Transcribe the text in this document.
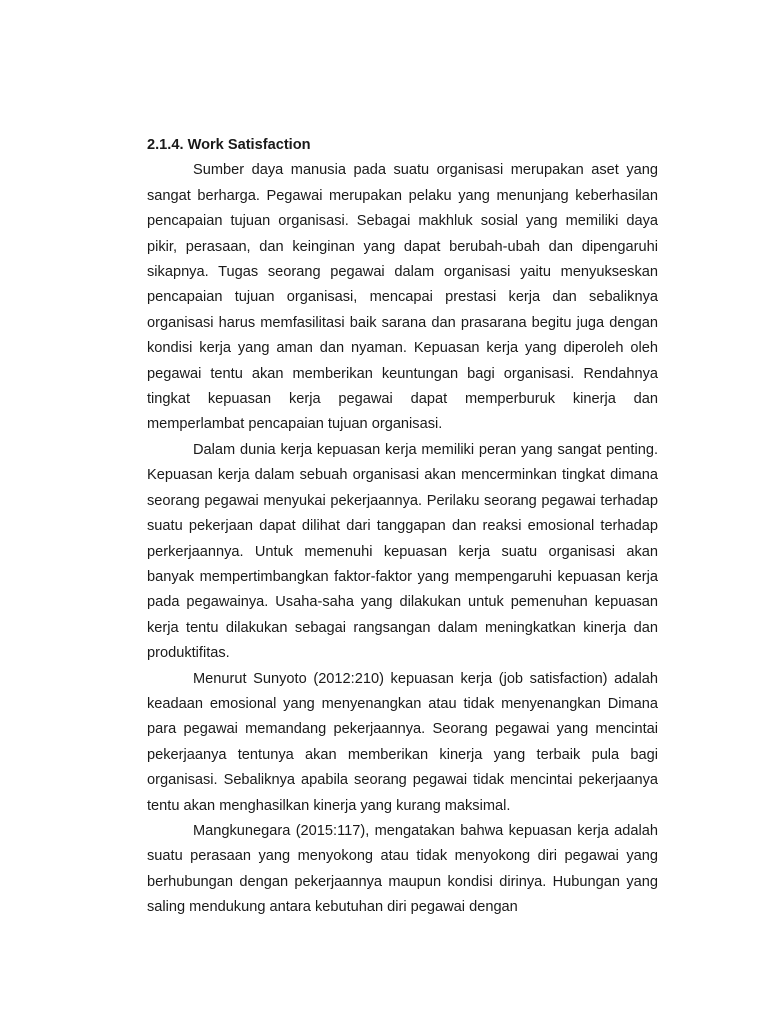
2.1.4. Work Satisfaction

Sumber daya manusia pada suatu organisasi merupakan aset yang sangat berharga. Pegawai merupakan pelaku yang menunjang keberhasilan pencapaian tujuan organisasi. Sebagai makhluk sosial yang memiliki daya pikir, perasaan, dan keinginan yang dapat berubah-ubah dan dipengaruhi sikapnya. Tugas seorang pegawai dalam organisasi yaitu menyukseskan pencapaian tujuan organisasi, mencapai prestasi kerja dan sebaliknya organisasi harus memfasilitasi baik sarana dan prasarana begitu juga dengan kondisi kerja yang aman dan nyaman. Kepuasan kerja yang diperoleh oleh pegawai tentu akan memberikan keuntungan bagi organisasi. Rendahnya tingkat kepuasan kerja pegawai dapat memperburuk kinerja dan memperlambat pencapaian tujuan organisasi.

Dalam dunia kerja kepuasan kerja memiliki peran yang sangat penting. Kepuasan kerja dalam sebuah organisasi akan mencerminkan tingkat dimana seorang pegawai menyukai pekerjaannya. Perilaku seorang pegawai terhadap suatu pekerjaan dapat dilihat dari tanggapan dan reaksi emosional terhadap perkerjaannya. Untuk memenuhi kepuasan kerja suatu organisasi akan banyak mempertimbangkan faktor-faktor yang mempengaruhi kepuasan kerja pada pegawainya. Usaha-saha yang dilakukan untuk pemenuhan kepuasan kerja tentu dilakukan sebagai rangsangan dalam meningkatkan kinerja dan produktifitas.

Menurut Sunyoto (2012:210) kepuasan kerja (job satisfaction) adalah keadaan emosional yang menyenangkan atau tidak menyenangkan Dimana para pegawai memandang pekerjaannya. Seorang pegawai yang mencintai pekerjaanya tentunya akan memberikan kinerja yang terbaik pula bagi organisasi. Sebaliknya apabila seorang pegawai tidak mencintai pekerjaanya tentu akan menghasilkan kinerja yang kurang maksimal.

Mangkunegara (2015:117), mengatakan bahwa kepuasan kerja adalah suatu perasaan yang menyokong atau tidak menyokong diri pegawai yang berhubungan dengan pekerjaannya maupun kondisi dirinya. Hubungan yang saling mendukung antara kebutuhan diri pegawai dengan
